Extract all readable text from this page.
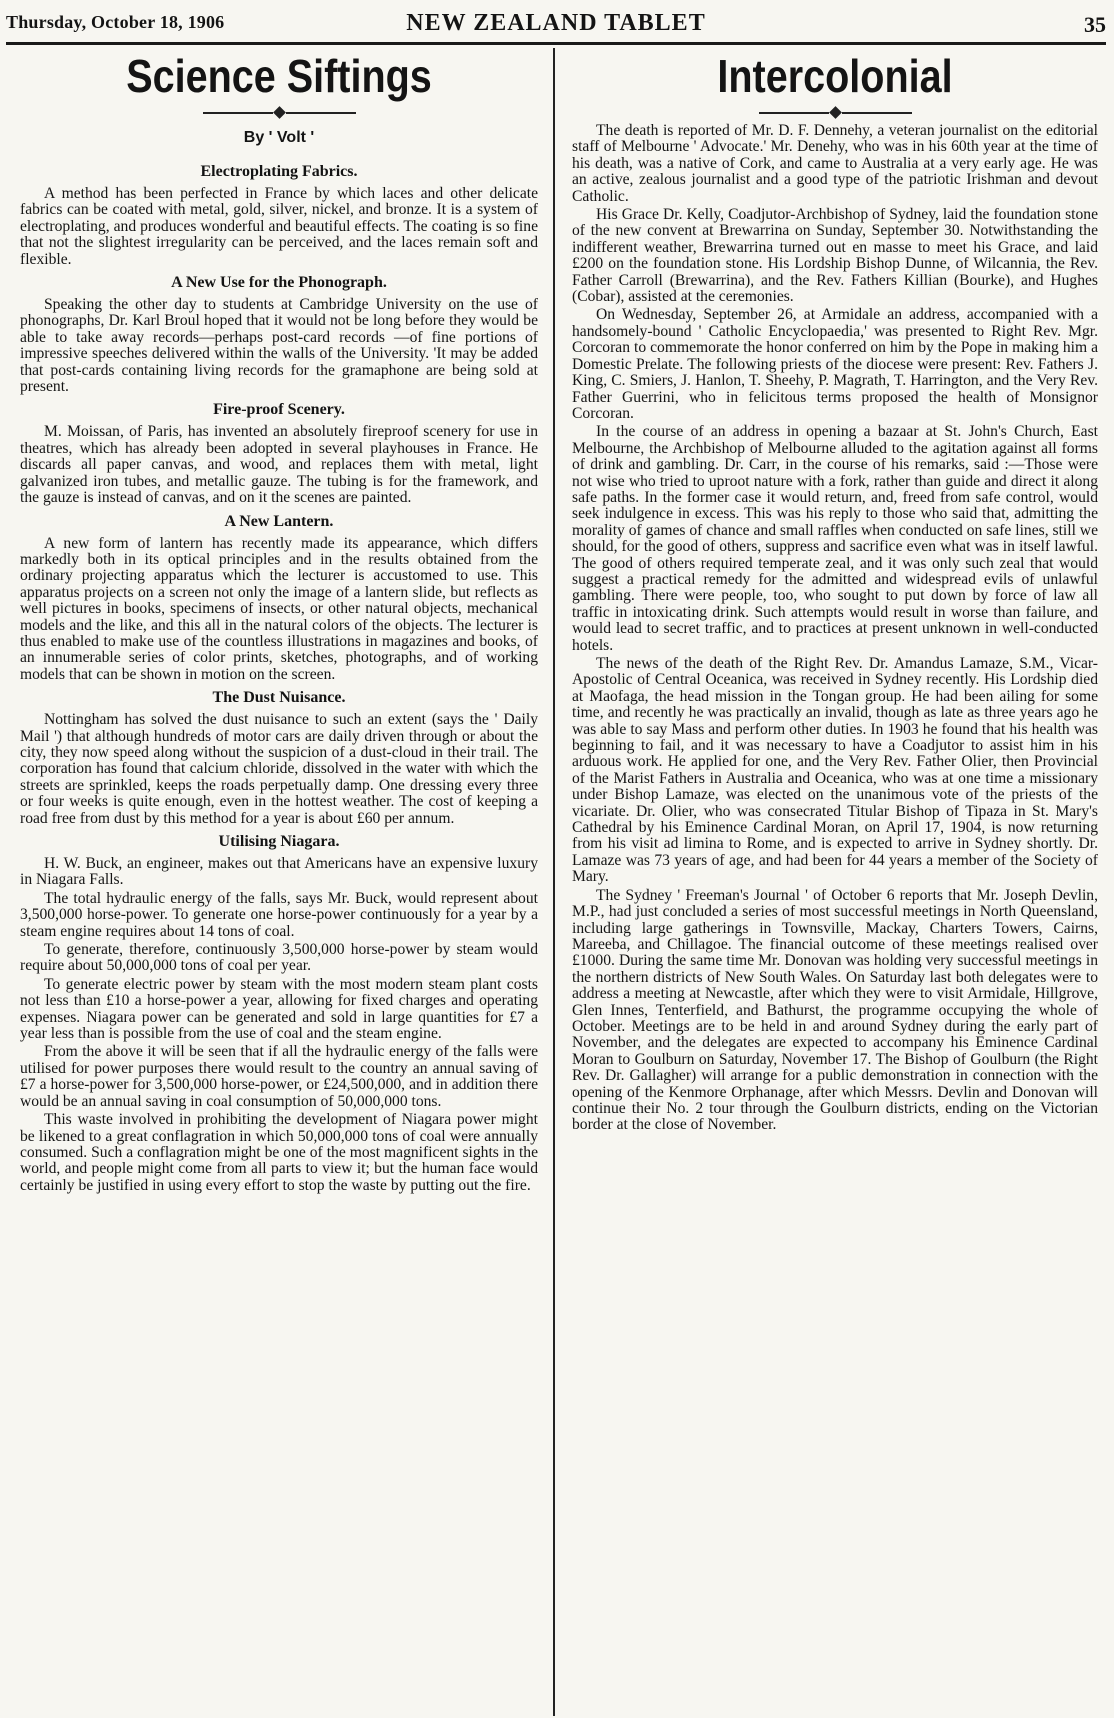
Thursday, October 18, 1906	NEW ZEALAND TABLET	35
Science Siftings
By ' Volt '
Electroplating Fabrics.

A method has been perfected in France by which laces and other delicate fabrics can be coated with metal, gold, silver, nickel, and bronze. It is a system of electroplating, and produces wonderful and beautiful effects. The coating is so fine that not the slightest irregularity can be perceived, and the laces remain soft and flexible.

A New Use for the Phonograph.

Speaking the other day to students at Cambridge University on the use of phonographs, Dr. Karl Broul hoped that it would not be long before they would be able to take away records—perhaps post-card records —of fine portions of impressive speeches delivered within the walls of the University. 'It may be added that post-cards containing living records for the gramaphone are being sold at present.

Fire-proof Scenery.

M. Moissan, of Paris, has invented an absolutely fireproof scenery for use in theatres, which has already been adopted in several playhouses in France. He discards all paper canvas, and wood, and replaces them with metal, light galvanized iron tubes, and metallic gauze. The tubing is for the framework, and the gauze is instead of canvas, and on it the scenes are painted.

A New Lantern.

A new form of lantern has recently made its appearance, which differs markedly both in its optical principles and in the results obtained from the ordinary projecting apparatus which the lecturer is accustomed to use. This apparatus projects on a screen not only the image of a lantern slide, but reflects as well pictures in books, specimens of insects, or other natural objects, mechanical models and the like, and this all in the natural colors of the objects. The lecturer is thus enabled to make use of the countless illustrations in magazines and books, of an innumerable series of color prints, sketches, photographs, and of working models that can be shown in motion on the screen.

The Dust Nuisance.

Nottingham has solved the dust nuisance to such an extent (says the ' Daily Mail ') that although hundreds of motor cars are daily driven through or about the city, they now speed along without the suspicion of a dust-cloud in their trail. The corporation has found that calcium chloride, dissolved in the water with which the streets are sprinkled, keeps the roads perpetually damp. One dressing every three or four weeks is quite enough, even in the hottest weather. The cost of keeping a road free from dust by this method for a year is about £60 per annum.

Utilising Niagara.

H. W. Buck, an engineer, makes out that Americans have an expensive luxury in Niagara Falls.

The total hydraulic energy of the falls, says Mr. Buck, would represent about 3,500,000 horse-power. To generate one horse-power continuously for a year by a steam engine requires about 14 tons of coal.

To generate, therefore, continuously 3,500,000 horse-power by steam would require about 50,000,000 tons of coal per year.

To generate electric power by steam with the most modern steam plant costs not less than £10 a horse-power a year, allowing for fixed charges and operating expenses. Niagara power can be generated and sold in large quantities for £7 a year less than is possible from the use of coal and the steam engine.

From the above it will be seen that if all the hydraulic energy of the falls were utilised for power purposes there would result to the country an annual saving of £7 a horse-power for 3,500,000 horse-power, or £24,500,000, and in addition there would be an annual saving in coal consumption of 50,000,000 tons.

This waste involved in prohibiting the development of Niagara power might be likened to a great conflagration in which 50,000,000 tons of coal were annually consumed. Such a conflagration might be one of the most magnificent sights in the world, and people might come from all parts to view it; but the human face would certainly be justified in using every effort to stop the waste by putting out the fire.

Intercolonial

The death is reported of Mr. D. F. Dennehy, a veteran journalist on the editorial staff of Melbourne ' Advocate.' Mr. Denehy, who was in his 60th year at the time of his death, was a native of Cork, and came to Australia at a very early age. He was an active, zealous journalist and a good type of the patriotic Irishman and devout Catholic.

His Grace Dr. Kelly, Coadjutor-Archbishop of Sydney, laid the foundation stone of the new convent at Brewarrina on Sunday, September 30. Notwithstanding the indifferent weather, Brewarrina turned out en masse to meet his Grace, and laid £200 on the foundation stone. His Lordship Bishop Dunne, of Wilcannia, the Rev. Father Carroll (Brewarrina), and the Rev. Fathers Killian (Bourke), and Hughes (Cobar), assisted at the ceremonies.

On Wednesday, September 26, at Armidale an address, accompanied with a handsomely-bound ' Catholic Encyclopaedia,' was presented to Right Rev. Mgr. Corcoran to commemorate the honor conferred on him by the Pope in making him a Domestic Prelate. The following priests of the diocese were present: Rev. Fathers J. King, C. Smiers, J. Hanlon, T. Sheehy, P. Magrath, T. Harrington, and the Very Rev. Father Guerrini, who in felicitous terms proposed the health of Monsignor Corcoran.

In the course of an address in opening a bazaar at St. John's Church, East Melbourne, the Archbishop of Melbourne alluded to the agitation against all forms of drink and gambling. Dr. Carr, in the course of his remarks, said :—Those were not wise who tried to uproot nature with a fork, rather than guide and direct it along safe paths. In the former case it would return, and, freed from safe control, would seek indulgence in excess. This was his reply to those who said that, admitting the morality of games of chance and small raffles when conducted on safe lines, still we should, for the good of others, suppress and sacrifice even what was in itself lawful. The good of others required temperate zeal, and it was only such zeal that would suggest a practical remedy for the admitted and widespread evils of unlawful gambling. There were people, too, who sought to put down by force of law all traffic in intoxicating drink. Such attempts would result in worse than failure, and would lead to secret traffic, and to practices at present unknown in well-conducted hotels.

The news of the death of the Right Rev. Dr. Amandus Lamaze, S.M., Vicar-Apostolic of Central Oceanica, was received in Sydney recently. His Lordship died at Maofaga, the head mission in the Tongan group. He had been ailing for some time, and recently he was practically an invalid, though as late as three years ago he was able to say Mass and perform other duties. In 1903 he found that his health was beginning to fail, and it was necessary to have a Coadjutor to assist him in his arduous work. He applied for one, and the Very Rev. Father Olier, then Provincial of the Marist Fathers in Australia and Oceanica, who was at one time a missionary under Bishop Lamaze, was elected on the unanimous vote of the priests of the vicariate. Dr. Olier, who was consecrated Titular Bishop of Tipaza in St. Mary's Cathedral by his Eminence Cardinal Moran, on April 17, 1904, is now returning from his visit ad limina to Rome, and is expected to arrive in Sydney shortly. Dr. Lamaze was 73 years of age, and had been for 44 years a member of the Society of Mary.

The Sydney ' Freeman's Journal ' of October 6 reports that Mr. Joseph Devlin, M.P., had just concluded a series of most successful meetings in North Queensland, including large gatherings in Townsville, Mackay, Charters Towers, Cairns, Mareeba, and Chillagoe. The financial outcome of these meetings realised over £1000. During the same time Mr. Donovan was holding very successful meetings in the northern districts of New South Wales. On Saturday last both delegates were to address a meeting at Newcastle, after which they were to visit Armidale, Hillgrove, Glen Innes, Tenterfield, and Bathurst, the programme occupying the whole of October. Meetings are to be held in and around Sydney during the early part of November, and the delegates are expected to accompany his Eminence Cardinal Moran to Goulburn on Saturday, November 17. The Bishop of Goulburn (the Right Rev. Dr. Gallagher) will arrange for a public demonstration in connection with the opening of the Kenmore Orphanage, after which Messrs. Devlin and Donovan will continue their No. 2 tour through the Goulburn districts, ending on the Victorian border at the close of November.
